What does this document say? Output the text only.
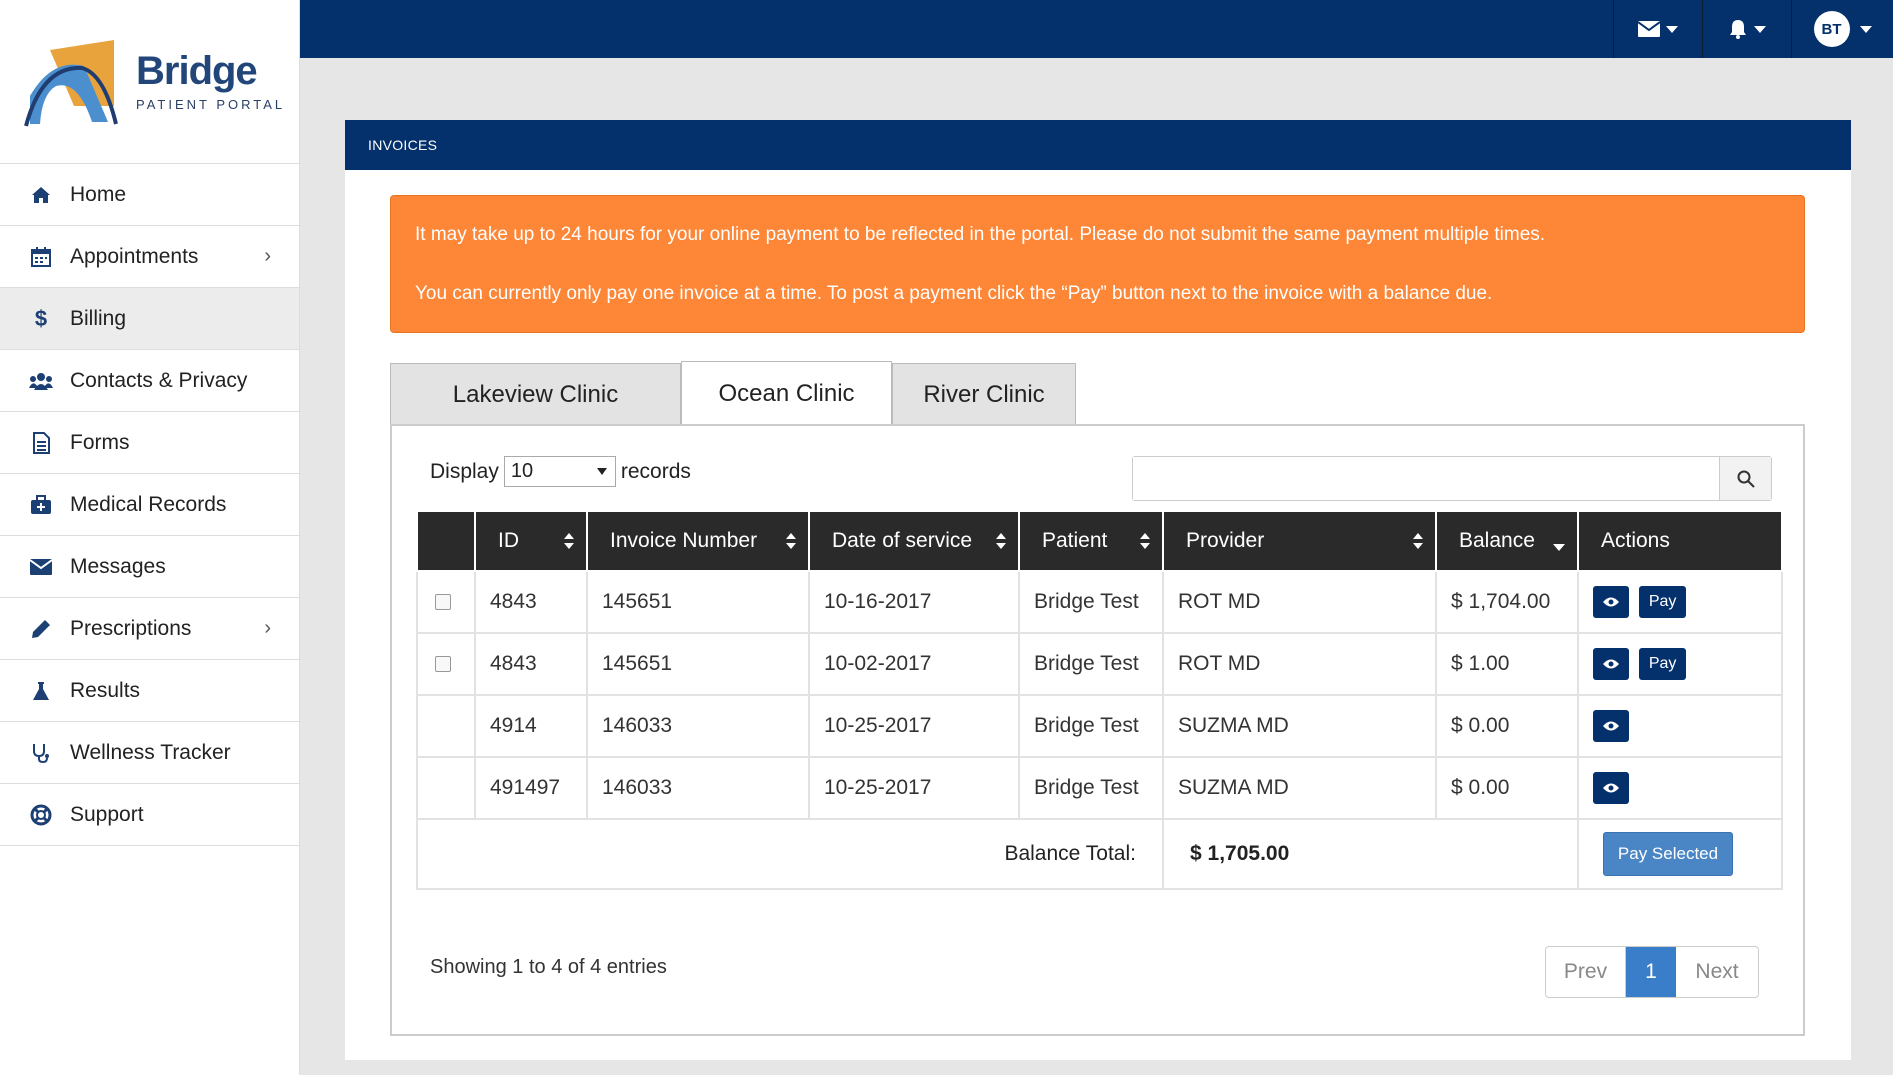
Bridge
PATIENT PORTAL
Home
Appointments	›
$	Billing
Contacts & Privacy
Forms
Medical Records
Messages
Prescriptions	›
Results
Wellness Tracker
Support
BT
INVOICES

It may take up to 24 hours for your online payment to be reflected in the portal. Please do not submit the same payment multiple times.

You can currently only pay one invoice at a time. To post a payment click the “Pay” button next to the invoice with a balance due.

Lakeview Clinic	Ocean Clinic	River Clinic
Display 10	records
	ID	Invoice Number	Date of service	Patient	Provider	Balance	Actions

	4843	145651	10-16-2017	Bridge Test	ROT MD	$ 1,704.00	Pay

	4843	145651	10-02-2017	Bridge Test	ROT MD	$ 1.00	Pay
	4914	146033	10-25-2017	Bridge Test	SUZMA MD	$ 0.00	

	491497	146033	10-25-2017	Bridge Test	SUZMA MD	$ 0.00	

Balance Total:					$ 1,705.00		Pay Selected
Showing 1 to 4 of 4 entries	Prev	1	Next
